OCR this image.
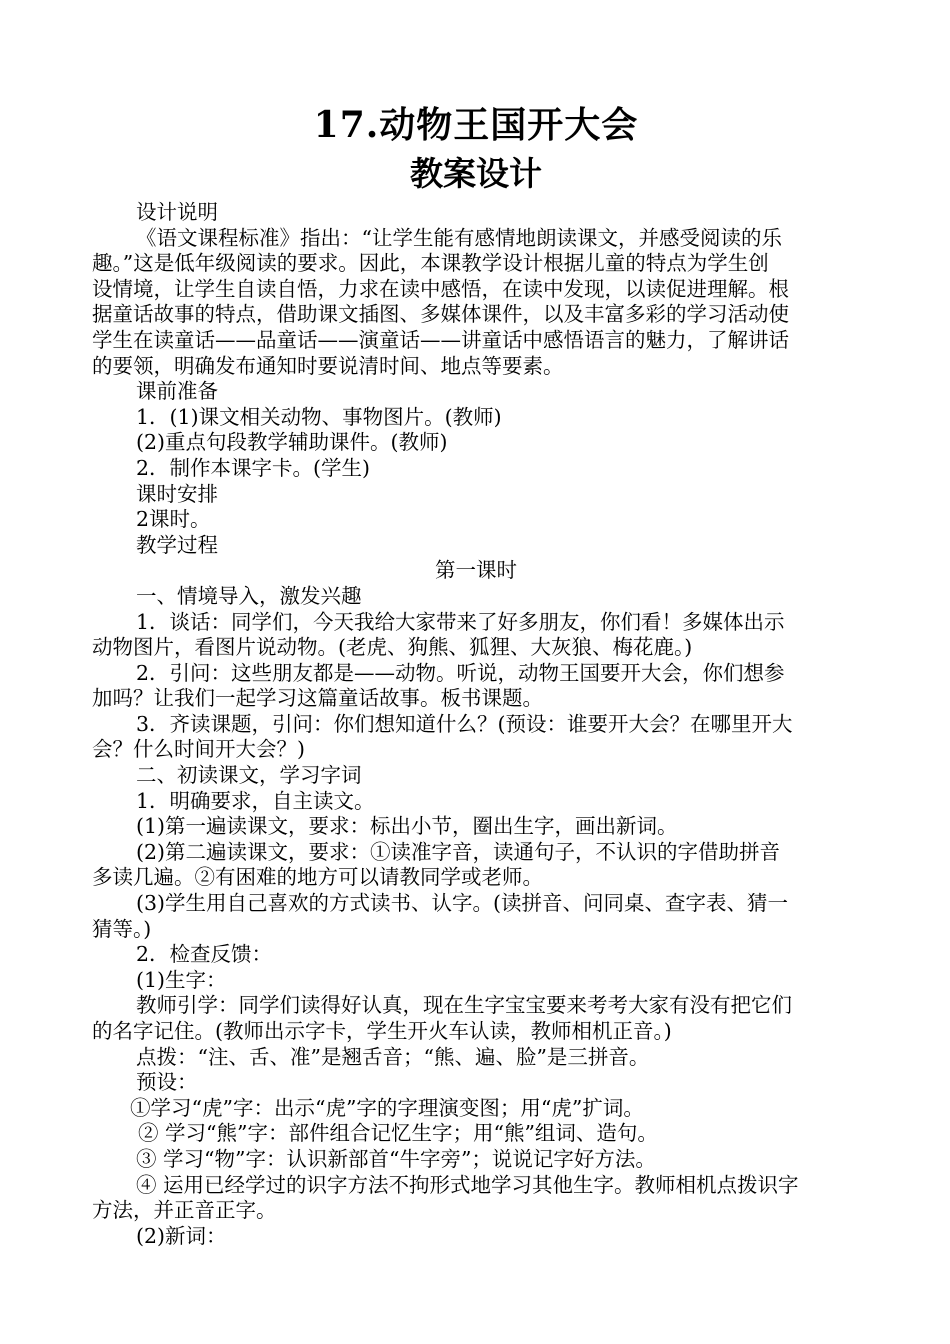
17.动物王国开大会
教案设计

设计说明

《语文课程标准》指出：“让学生能有感情地朗读课文，并感受阅读的乐

趣。”这是低年级阅读的要求。因此，本课教学设计根据儿童的特点为学生创

设情境，让学生自读自悟，力求在读中感悟，在读中发现，以读促进理解。根

据童话故事的特点，借助课文插图、多媒体课件，以及丰富多彩的学习活动使

学生在读童话——品童话——演童话——讲童话中感悟语言的魅力，了解讲话

的要领，明确发布通知时要说清时间、地点等要素。

课前准备

1．(1)课文相关动物、事物图片。(教师)

(2)重点句段教学辅助课件。(教师)

2．制作本课字卡。(学生)

课时安排

2课时。

教学过程

第一课时

一、情境导入，激发兴趣

1．谈话：同学们，今天我给大家带来了好多朋友，你们看！多媒体出示

动物图片，看图片说动物。(老虎、狗熊、狐狸、大灰狼、梅花鹿。)

2．引问：这些朋友都是——动物。听说，动物王国要开大会，你们想参

加吗？让我们一起学习这篇童话故事。板书课题。

3．齐读课题，引问：你们想知道什么？(预设：谁要开大会？在哪里开大

会？什么时间开大会？)

二、初读课文，学习字词

1．明确要求，自主读文。

(1)第一遍读课文，要求：标出小节，圈出生字，画出新词。

(2)第二遍读课文，要求：①读准字音，读通句子，不认识的字借助拼音

多读几遍。②有困难的地方可以请教同学或老师。

(3)学生用自己喜欢的方式读书、认字。(读拼音、问同桌、查字表、猜一

猜等。)

2．检查反馈：

(1)生字：

教师引学：同学们读得好认真，现在生字宝宝要来考考大家有没有把它们

的名字记住。(教师出示字卡，学生开火车认读，教师相机正音。)

点拨：“注、舌、准”是翘舌音；“熊、遍、脸”是三拼音。

预设：

①学习“虎”字：出示“虎”字的字理演变图；用“虎”扩词。

② 学习“熊”字：部件组合记忆生字；用“熊”组词、造句。

③ 学习“物”字：认识新部首“牛字旁”；说说记字好方法。

④ 运用已经学过的识字方法不拘形式地学习其他生字。教师相机点拨识字

方法，并正音正字。

(2)新词：
